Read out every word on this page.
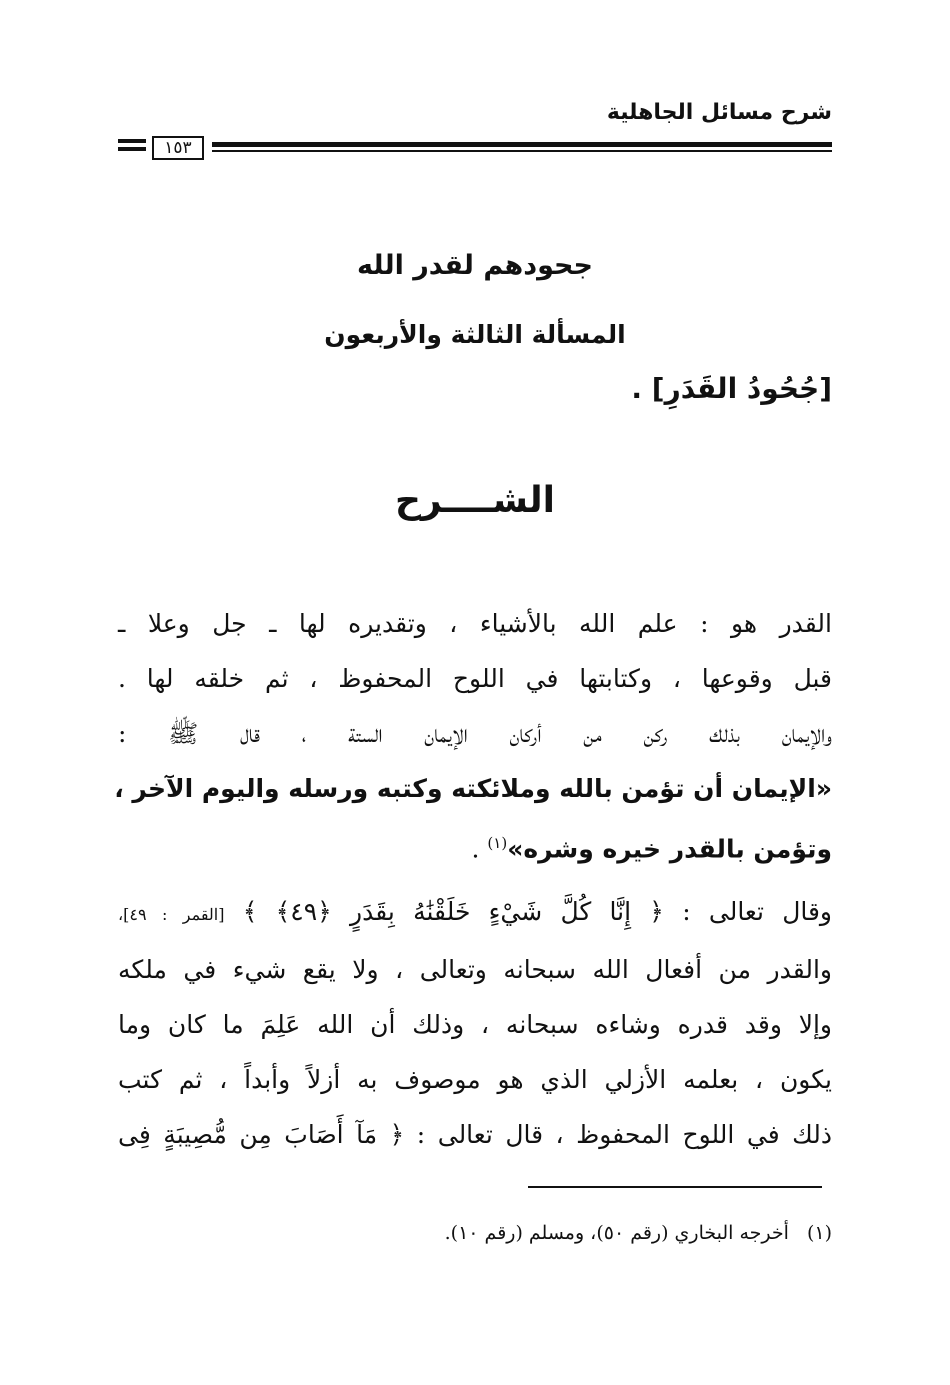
شرح مسائل الجاهلية
١٥٣
جحودهم لقدر الله
المسألة الثالثة والأربعون
[جُحُودُ القَدَرِ] .
الشــــرح
القدر هو : علم الله بالأشياء ، وتقديره لها ـ جل وعلا ـ
قبل وقوعها ، وكتابتها في اللوح المحفوظ ، ثم خلقه لها .
والإيمان بذلك ركن من أركان الإيمان الستة ، قال ﷺ :
«الإيمان أن تؤمن بالله وملائكته وكتبه ورسله واليوم الآخر ،
وتؤمن بالقدر خيره وشره»$^{(١)}$ .
وقال تعالى : ﴿ إِنَّا كُلَّ شَيْءٍ خَلَقْنَٰهُ بِقَدَرٍ ﴿٤٩﴾ ﴾ [القمر : ٤٩]،
والقدر من أفعال الله سبحانه وتعالى ، ولا يقع شيء في ملكه
وإلا وقد قدره وشاءه سبحانه ، وذلك أن الله عَلِمَ ما كان وما
يكون ، بعلمه الأزلي الذي هو موصوف به أزلاً وأبداً ، ثم كتب
ذلك في اللوح المحفوظ ، قال تعالى : ﴿ مَآ أَصَابَ مِن مُّصِيبَةٍ فِى
(١)أخرجه البخاري (رقم ٥٠)، ومسلم (رقم ١٠).
